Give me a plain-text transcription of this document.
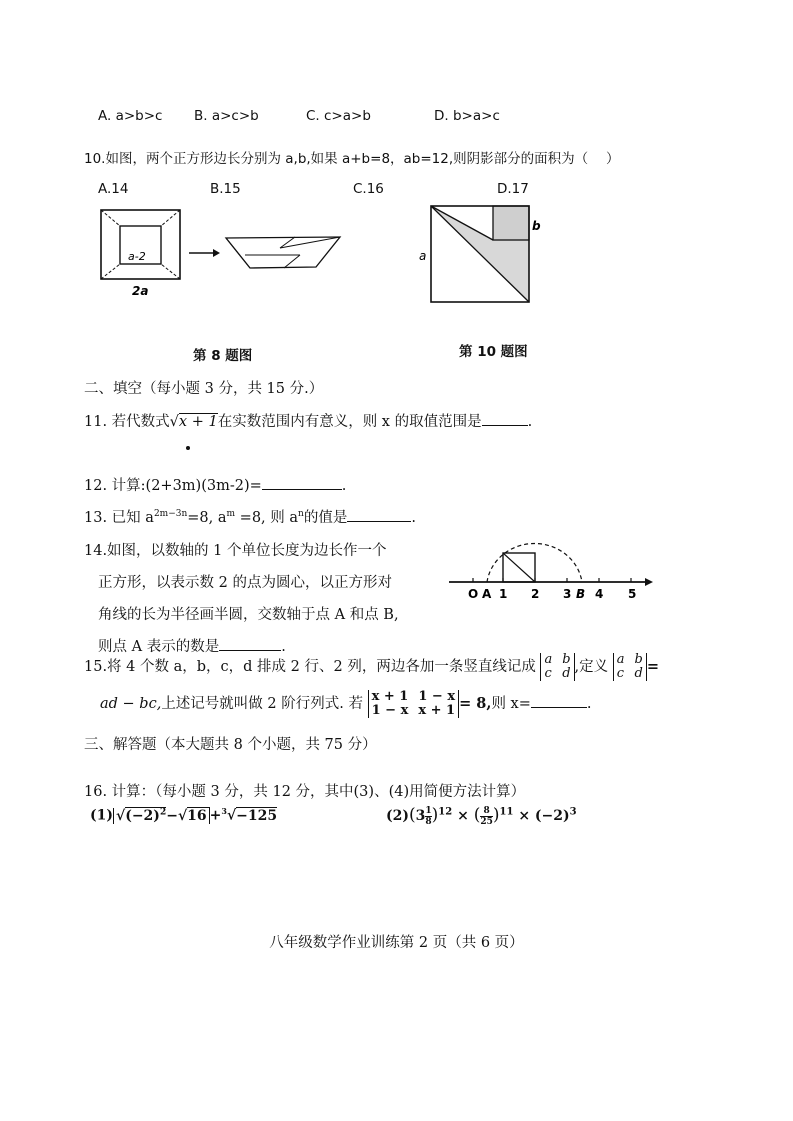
A. a>b>c B. a>c>b	C. c>a>b	D. b>a>c
10.如图，两个正方形边长分别为 a,b,如果 a+b=8，ab=12,则阴影部分的面积为（　 ）
A.14	B.15	C.16	D.17
a-2
2a
b
a
第 8 题图	第 10 题图
二、填空（每小题 3 分，共 15 分.）
11. 若代数式√x + 1在实数范围内有意义，则 x 的取值范围是	.
12. 计算:(2+3m)(3m-2)=	.
13. 已知 $a^{2m-3n}=8$, $a^m =8$, 则 $a^n$的值是	.
14.如图，以数轴的 1 个单位长度为边长作一个
正方形，以表示数 2 的点为圆心，以正方形对
角线的长为半径画半圆，交数轴于点 A 和点 B,
则点 A 表示的数是	.
O A 1 2 3 B 4 5
15.将 4 个数 a，b，c，d 排成 2 行、2 列，两边各加一条竖直线记成 a b
c d ,定义 a b
c d =
ad − bc,上述记号就叫做 2 阶行列式. 若 x + 1 1 − x
1 − x x + 1 = 8,则 x=	.
三、解答题（本大题共 8 个小题，共 75 分）
16. 计算：（每小题 3 分，共 12 分，其中(3)、(4)用简便方法计算）
(1) $√(-2)^2-√16 +^3√-125$	$(2)(3 \frac{1}{8} )^{12}$ × ( $\frac{8}{25} )^{11} \times (-2)^3$
八年级数学作业训练第 2 页（共 6 页）
